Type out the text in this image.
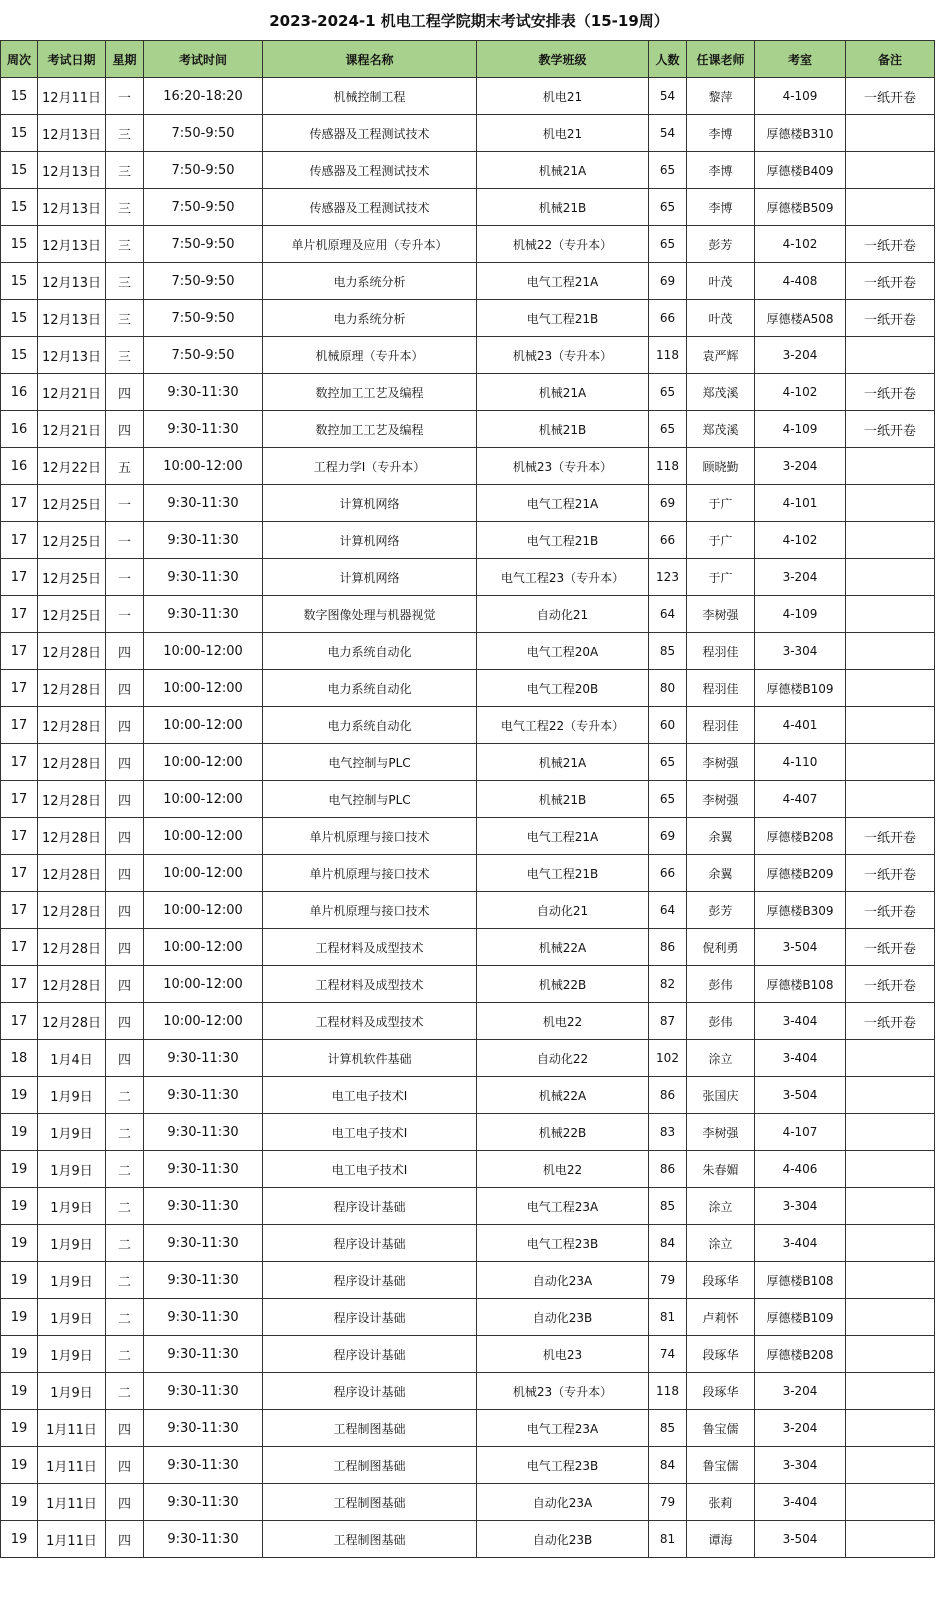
2023-2024-1 机电工程学院期末考试安排表（15-19周）
周次	考试日期	星期	考试时间	课程名称	教学班级	人数	任课老师	考室	备注
15	12月11日	一	16:20-18:20	机械控制工程	机电21	54	黎萍	4-109	一纸开卷
15	12月13日	三	7:50-9:50	传感器及工程测试技术	机电21	54	李博	厚德楼B310	
15	12月13日	三	7:50-9:50	传感器及工程测试技术	机械21A	65	李博	厚德楼B409	
15	12月13日	三	7:50-9:50	传感器及工程测试技术	机械21B	65	李博	厚德楼B509	
15	12月13日	三	7:50-9:50	单片机原理及应用（专升本）	机械22（专升本）	65	彭芳	4-102	一纸开卷
15	12月13日	三	7:50-9:50	电力系统分析	电气工程21A	69	叶茂	4-408	一纸开卷
15	12月13日	三	7:50-9:50	电力系统分析	电气工程21B	66	叶茂	厚德楼A508	一纸开卷
15	12月13日	三	7:50-9:50	机械原理（专升本）	机械23（专升本）	118	袁严辉	3-204	
16	12月21日	四	9:30-11:30	数控加工工艺及编程	机械21A	65	郑茂溪	4-102	一纸开卷
16	12月21日	四	9:30-11:30	数控加工工艺及编程	机械21B	65	郑茂溪	4-109	一纸开卷
16	12月22日	五	10:00-12:00	工程力学Ⅰ（专升本）	机械23（专升本）	118	顾晓勤	3-204	
17	12月25日	一	9:30-11:30	计算机网络	电气工程21A	69	于广	4-101	
17	12月25日	一	9:30-11:30	计算机网络	电气工程21B	66	于广	4-102	
17	12月25日	一	9:30-11:30	计算机网络	电气工程23（专升本）	123	于广	3-204	
17	12月25日	一	9:30-11:30	数字图像处理与机器视觉	自动化21	64	李树强	4-109	
17	12月28日	四	10:00-12:00	电力系统自动化	电气工程20A	85	程羽佳	3-304	
17	12月28日	四	10:00-12:00	电力系统自动化	电气工程20B	80	程羽佳	厚德楼B109	
17	12月28日	四	10:00-12:00	电力系统自动化	电气工程22（专升本）	60	程羽佳	4-401	
17	12月28日	四	10:00-12:00	电气控制与PLC	机械21A	65	李树强	4-110	
17	12月28日	四	10:00-12:00	电气控制与PLC	机械21B	65	李树强	4-407	
17	12月28日	四	10:00-12:00	单片机原理与接口技术	电气工程21A	69	余翼	厚德楼B208	一纸开卷
17	12月28日	四	10:00-12:00	单片机原理与接口技术	电气工程21B	66	余翼	厚德楼B209	一纸开卷
17	12月28日	四	10:00-12:00	单片机原理与接口技术	自动化21	64	彭芳	厚德楼B309	一纸开卷
17	12月28日	四	10:00-12:00	工程材料及成型技术	机械22A	86	倪利勇	3-504	一纸开卷
17	12月28日	四	10:00-12:00	工程材料及成型技术	机械22B	82	彭伟	厚德楼B108	一纸开卷
17	12月28日	四	10:00-12:00	工程材料及成型技术	机电22	87	彭伟	3-404	一纸开卷
18	1月4日	四	9:30-11:30	计算机软件基础	自动化22	102	涂立	3-404	
19	1月9日	二	9:30-11:30	电工电子技术Ⅰ	机械22A	86	张国庆	3-504	
19	1月9日	二	9:30-11:30	电工电子技术Ⅰ	机械22B	83	李树强	4-107	
19	1月9日	二	9:30-11:30	电工电子技术Ⅰ	机电22	86	朱春媚	4-406	
19	1月9日	二	9:30-11:30	程序设计基础	电气工程23A	85	涂立	3-304	
19	1月9日	二	9:30-11:30	程序设计基础	电气工程23B	84	涂立	3-404	
19	1月9日	二	9:30-11:30	程序设计基础	自动化23A	79	段琢华	厚德楼B108	
19	1月9日	二	9:30-11:30	程序设计基础	自动化23B	81	卢莉怀	厚德楼B109	
19	1月9日	二	9:30-11:30	程序设计基础	机电23	74	段琢华	厚德楼B208	
19	1月9日	二	9:30-11:30	程序设计基础	机械23（专升本）	118	段琢华	3-204	
19	1月11日	四	9:30-11:30	工程制图基础	电气工程23A	85	鲁宝儒	3-204	
19	1月11日	四	9:30-11:30	工程制图基础	电气工程23B	84	鲁宝儒	3-304	
19	1月11日	四	9:30-11:30	工程制图基础	自动化23A	79	张莉	3-404	
19	1月11日	四	9:30-11:30	工程制图基础	自动化23B	81	谭海	3-504	
